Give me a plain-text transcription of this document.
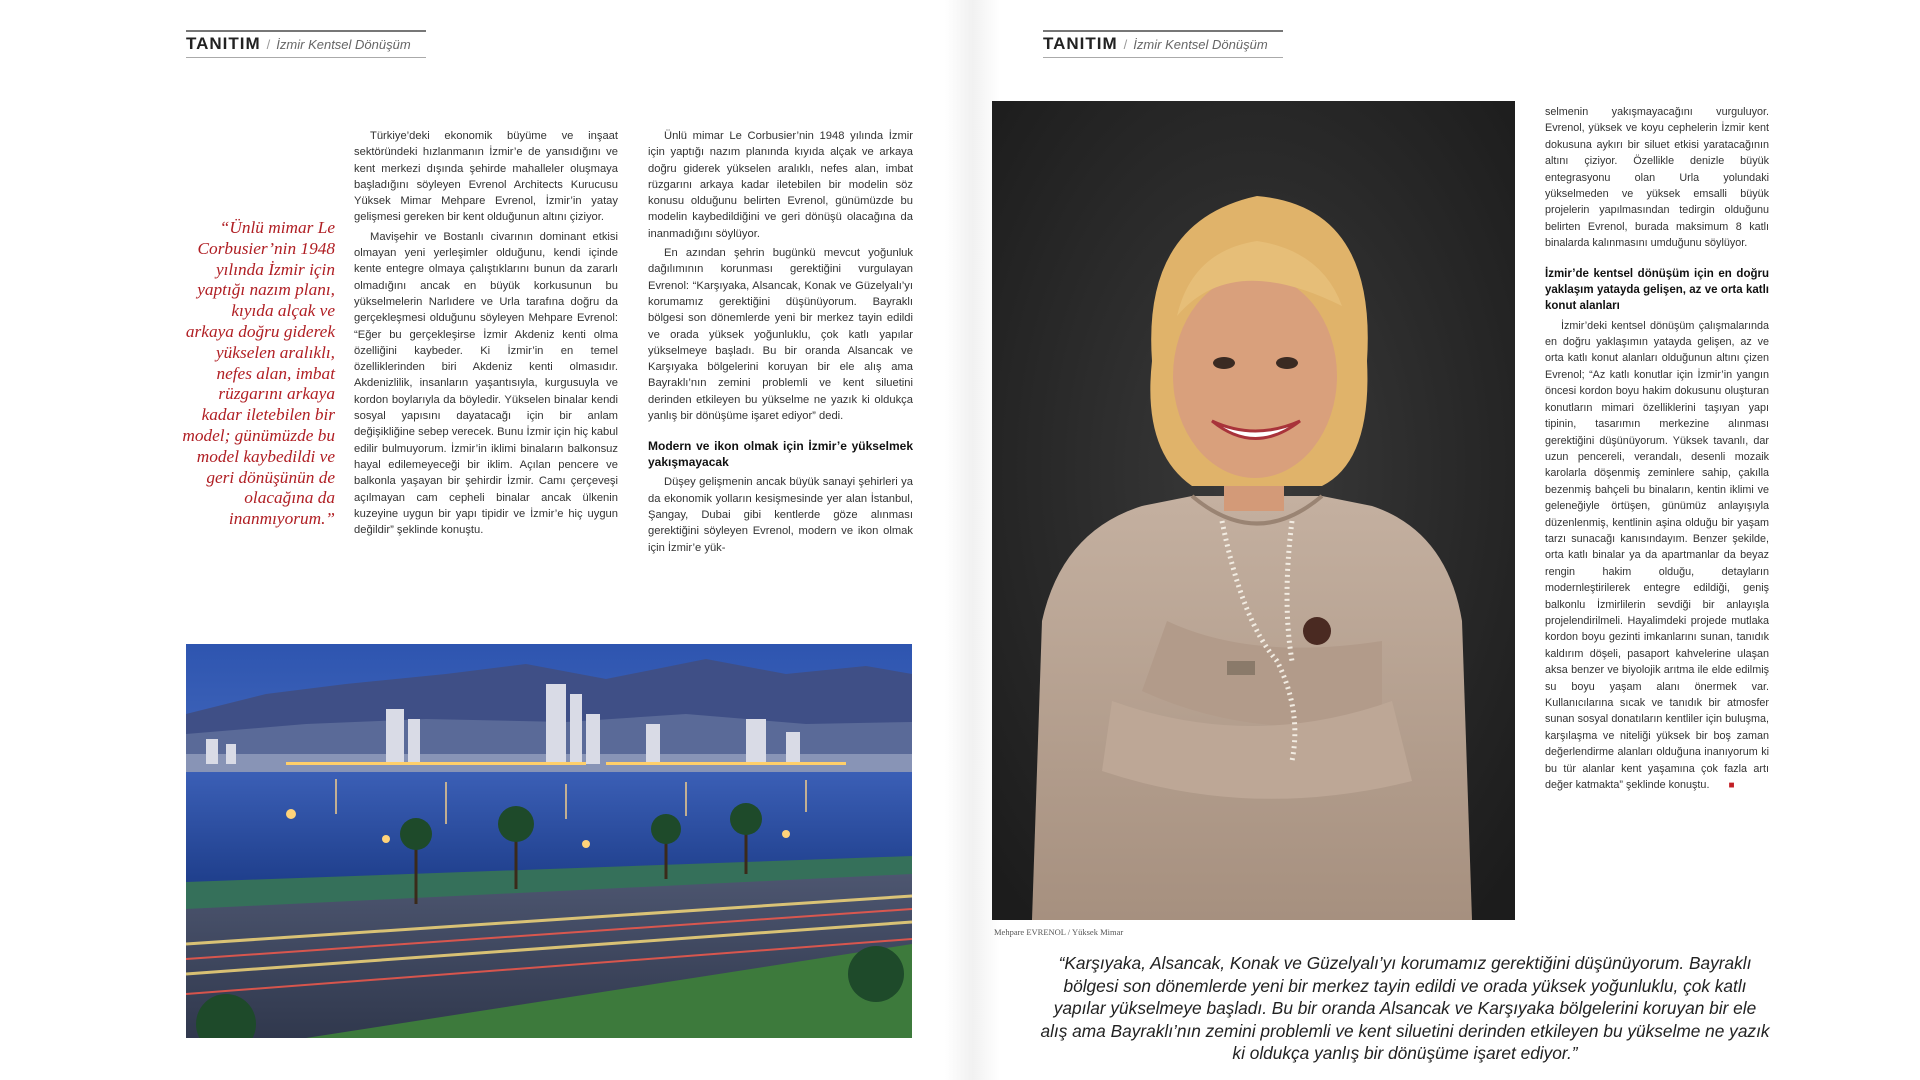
TANITIM / İzmir Kentsel Dönüşüm
“Ünlü mimar Le Corbusier’nin 1948 yılında İzmir için yaptığı nazım planı, kıyıda alçak ve arkaya doğru giderek yükselen aralıklı, nefes alan, imbat rüzgarını arkaya kadar iletebilen bir model; günümüzde bu model kaybedildi ve geri dönüşünün de olacağına da inanmıyorum.”

Türkiye’deki ekonomik büyüme ve inşaat sektöründeki hızlanmanın İzmir’e de yansıdığını ve kent merkezi dışında şehirde mahalleler oluşmaya başladığını söyleyen Evrenol Architects Kurucusu Yüksek Mimar Mehpare Evrenol, İzmir’in yatay gelişmesi gereken bir kent olduğunun altını çiziyor.

Mavişehir ve Bostanlı civarının dominant etkisi olmayan yeni yerleşimler olduğunu, kendi içinde kente entegre olmaya çalıştıklarını bunun da zararlı olmadığını ancak en büyük korkusunun bu yükselmelerin Narlıdere ve Urla tarafına doğru da gerçekleşmesi olduğunu söyleyen Mehpare Evrenol: “Eğer bu gerçekleşirse İzmir Akdeniz kenti olma özelliğini kaybeder. Ki İzmir’in en temel özelliklerinden biri Akdeniz kenti olmasıdır. Akdenizlilik, insanların yaşantısıyla, kurgusuyla ve kordon boylarıyla da böyledir. Yükselen binalar kendi sosyal yapısını dayatacağı için bir anlam değişikliğine sebep verecek. Bunu İzmir için hiç kabul edilir bulmuyorum. İzmir’in iklimi binaların balkonsuz hayal edilemeyeceği bir iklim. Açılan pencere ve balkonla yaşayan bir şehirdir İzmir. Camı çerçeveşi açılmayan cam cepheli binalar ancak ülkenin kuzeyine uygun bir yapı tipidir ve İzmir’e hiç uygun değildir” şeklinde konuştu.

Ünlü mimar Le Corbusier’nin 1948 yılında İzmir için yaptığı nazım planında kıyıda alçak ve arkaya doğru giderek yükselen aralıklı, nefes alan, imbat rüzgarını arkaya kadar iletebilen bir modelin söz konusu olduğunu belirten Evrenol, günümüzde bu modelin kaybedildiğini ve geri dönüşü olacağına da inanmadığını söylüyor.

En azından şehrin bugünkü mevcut yoğunluk dağılımının korunması gerektiğini vurgulayan Evrenol: “Karşıyaka, Alsancak, Konak ve Güzelyalı’yı korumamız gerektiğini düşünüyorum. Bayraklı bölgesi son dönemlerde yeni bir merkez tayin edildi ve orada yüksek yoğunluklu, çok katlı yapılar yükselmeye başladı. Bu bir oranda Alsancak ve Karşıyaka bölgelerini koruyan bir ele alış ama Bayraklı’nın zemini problemli ve kent siluetini derinden etkileyen bu yükselme ne yazık ki oldukça yanlış bir dönüşüme işaret ediyor” dedi.

Modern ve ikon olmak için İzmir’e yükselmek yakışmayacak

Düşey gelişmenin ancak büyük sanayi şehirleri ya da ekonomik yolların kesişmesinde yer alan İstanbul, Şangay, Dubai gibi kentlerde göze alınması gerektiğini söyleyen Evrenol, modern ve ikon olmak için İzmir’e yük-

TANITIM / İzmir Kentsel Dönüşüm
Mehpare EVRENOL / Yüksek Mimar

selmenin yakışmayacağını vurguluyor. Evrenol, yüksek ve koyu cephelerin İzmir kent dokusuna aykırı bir siluet etkisi yaratacağının altını çiziyor. Özellikle denizle büyük entegrasyonu olan Urla yolundaki yükselmeden ve yüksek emsalli büyük projelerin yapılmasından tedirgin olduğunu belirten Evrenol, burada maksimum 8 katlı binalarda kalınmasını umduğunu söylüyor.

İzmir’de kentsel dönüşüm için en doğru yaklaşım yatayda gelişen, az ve orta katlı konut alanları

İzmir’deki kentsel dönüşüm çalışmalarında en doğru yaklaşımın yatayda gelişen, az ve orta katlı konut alanları olduğunun altını çizen Evrenol; “Az katlı konutlar için İzmir’in yangın öncesi kordon boyu hakim dokusunu oluşturan konutların mimari özelliklerini taşıyan yapı tipinin, tasarımın merkezine alınması gerektiğini düşünüyorum. Yüksek tavanlı, dar uzun pencereli, verandalı, desenli mozaik karolarla döşenmiş zeminlere sahip, çakılla bezenmiş bahçeli bu binaların, kentin iklimi ve geleneğiyle örtüşen, günümüz anlayışıyla düzenlenmiş, kentlinin aşina olduğu bir yaşam tarzı sunacağı kanısındayım. Benzer şekilde, orta katlı binalar ya da apartmanlar da beyaz rengin hakim olduğu, detayların modernleştirilerek entegre edildiği, geniş balkonlu İzmirlilerin sevdiği bir anlayışla projelendirilmeli. Hayalimdeki projede mutlaka kordon boyu gezinti imkanlarını sunan, tanıdık kaldırım döşeli, pasaport kahvelerine ulaşan aksa benzer ve biyolojik arıtma ile elde edilmiş su boyu yaşam alanı önermek var. Kullanıcılarına sıcak ve tanıdık bir atmosfer sunan sosyal donatıların kentliler için buluşma, karşılaşma ve niteliği yüksek bir boş zaman değerlendirme alanları olduğuna inanıyorum ki bu tür alanlar kent yaşamına çok fazla artı değer katmakta” şeklinde konuştu. ■

“Karşıyaka, Alsancak, Konak ve Güzelyalı’yı korumamız gerektiğini düşünüyorum. Bayraklı bölgesi son dönemlerde yeni bir merkez tayin edildi ve orada yüksek yoğunluklu, çok katlı yapılar yükselmeye başladı. Bu bir oranda Alsancak ve Karşıyaka bölgelerini koruyan bir ele alış ama Bayraklı’nın zemini problemli ve kent siluetini derinden etkileyen bu yükselme ne yazık ki oldukça yanlış bir dönüşüme işaret ediyor.”
